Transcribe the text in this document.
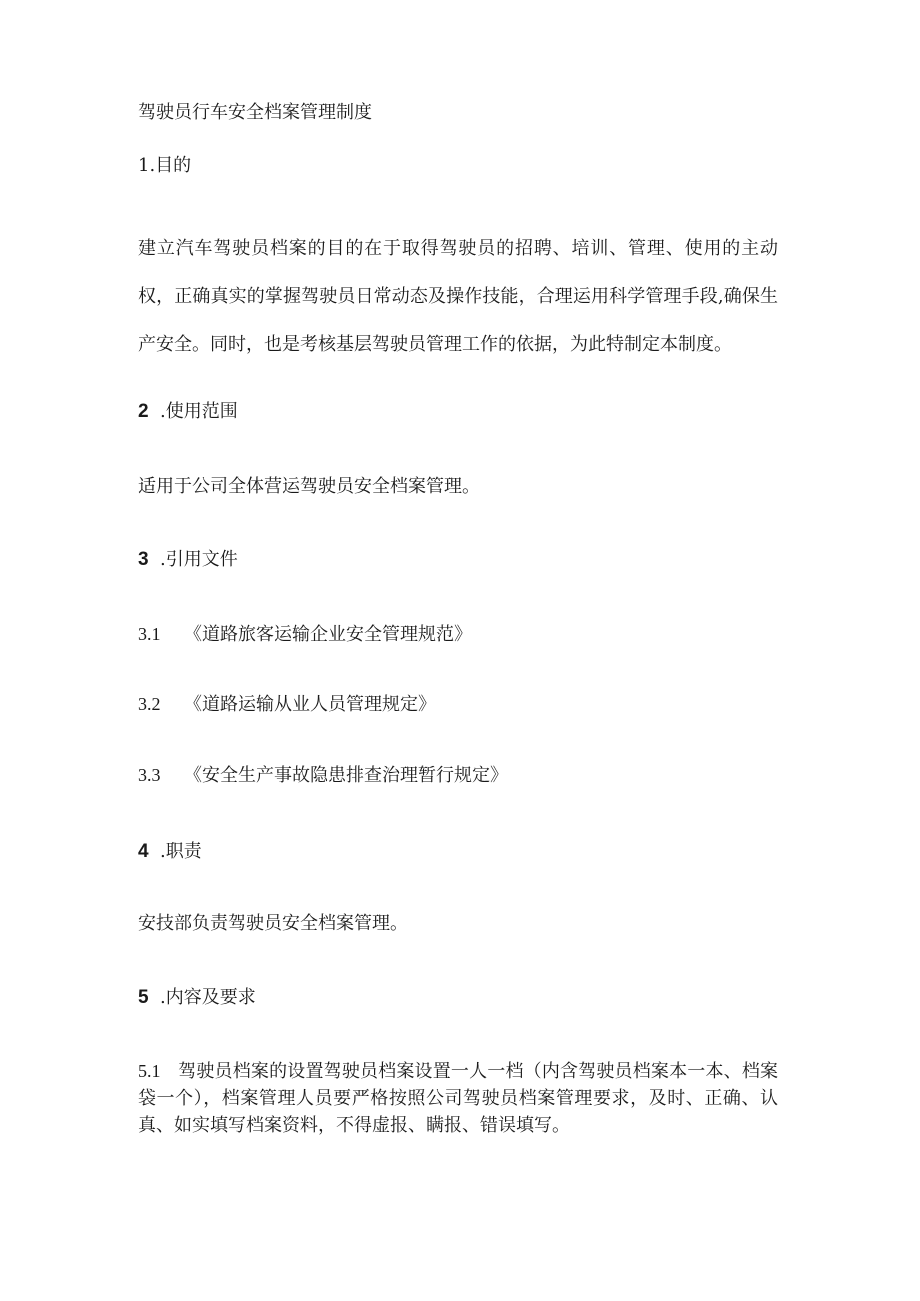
驾驶员行车安全档案管理制度
1.目的
建立汽车驾驶员档案的目的在于取得驾驶员的招聘、培训、管理、使用的主动权，正确真实的掌握驾驶员日常动态及操作技能，合理运用科学管理手段,确保生产安全。同时，也是考核基层驾驶员管理工作的依据，为此特制定本制度。
2 .使用范围
适用于公司全体营运驾驶员安全档案管理。
3 .引用文件
3.1 《道路旅客运输企业安全管理规范》
3.2 《道路运输从业人员管理规定》
3.3 《安全生产事故隐患排查治理暂行规定》
4 .职责
安技部负责驾驶员安全档案管理。
5 .内容及要求
5.1 驾驶员档案的设置驾驶员档案设置一人一档（内含驾驶员档案本一本、档案袋一个），档案管理人员要严格按照公司驾驶员档案管理要求，及时、正确、认真、如实填写档案资料，不得虚报、瞒报、错误填写。
